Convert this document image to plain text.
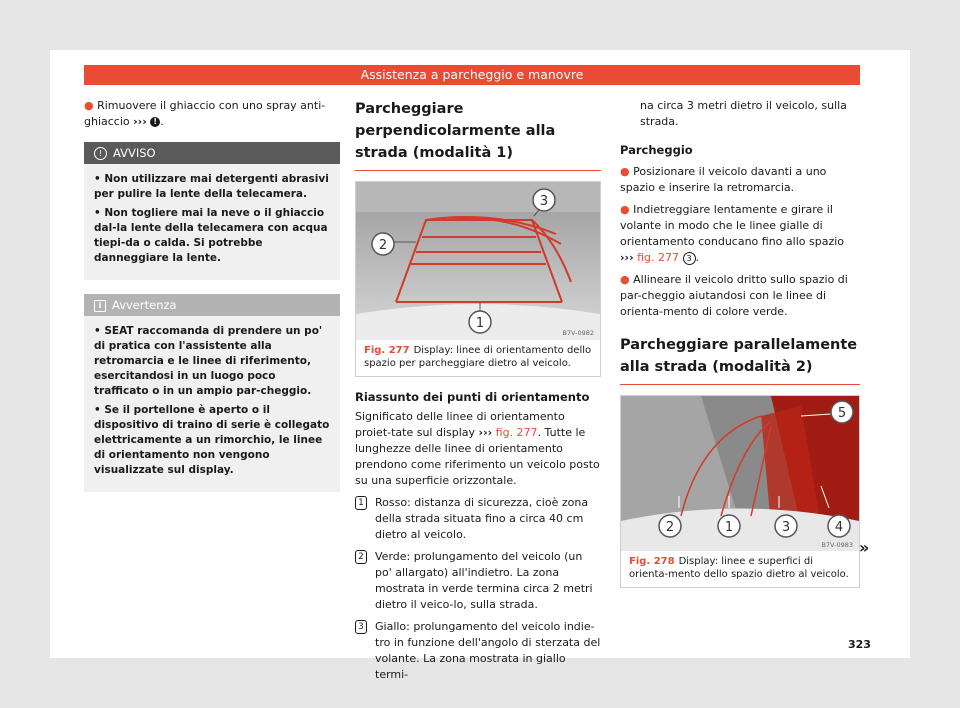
Assistenza a parcheggio e manovre

● Rimuovere il ghiaccio con uno spray anti-ghiaccio ››› ! .

! AVVISO

• Non utilizzare mai detergenti abrasivi per pulire la lente della telecamera.

• Non togliere mai la neve o il ghiaccio dal-la lente della telecamera con acqua tiepi-da o calda. Si potrebbe danneggiare la lente.

i Avvertenza

• SEAT raccomanda di prendere un po' di pratica con l'assistente alla retromarcia e le linee di riferimento, esercitandosi in un luogo poco trafficato o in un ampio par-cheggio.

• Se il portellone è aperto o il dispositivo di traino di serie è collegato elettricamente a un rimorchio, le linee di orientamento non vengono visualizzate sul display.

Parcheggiare perpendicolarmente alla strada (modalità 1)
1
2
3
B7V-0982
Fig. 277 Display: linee di orientamento dello spazio per parcheggiare dietro al veicolo.
Riassunto dei punti di orientamento

Significato delle linee di orientamento proiet-tate sul display ››› fig. 277. Tutte le lunghezze delle linee di orientamento prendono come riferimento un veicolo posto su una superficie orizzontale.

1 Rosso: distanza di sicurezza, cioè zona della strada situata fino a circa 40 cm dietro al veicolo.
2 Verde: prolungamento del veicolo (un po' allargato) all'indietro. La zona mostrata in verde termina circa 2 metri dietro il veico-lo, sulla strada.
3 Giallo: prolungamento del veicolo indie-tro in funzione dell'angolo di sterzata del volante. La zona mostrata in giallo termi-

na circa 3 metri dietro il veicolo, sulla strada.

Parcheggio

● Posizionare il veicolo davanti a uno spazio e inserire la retromarcia.

● Indietreggiare lentamente e girare il volante in modo che le linee gialle di orientamento conducano fino allo spazio ››› fig. 277 3 .

● Allineare il veicolo dritto sullo spazio di par-cheggio aiutandosi con le linee di orienta-mento di colore verde.

Parcheggiare parallelamente alla strada (modalità 2)
2	1	3	4
5
B7V-0983
Fig. 278 Display: linee e superfici di orienta-mento dello spazio dietro al veicolo.
»
323
